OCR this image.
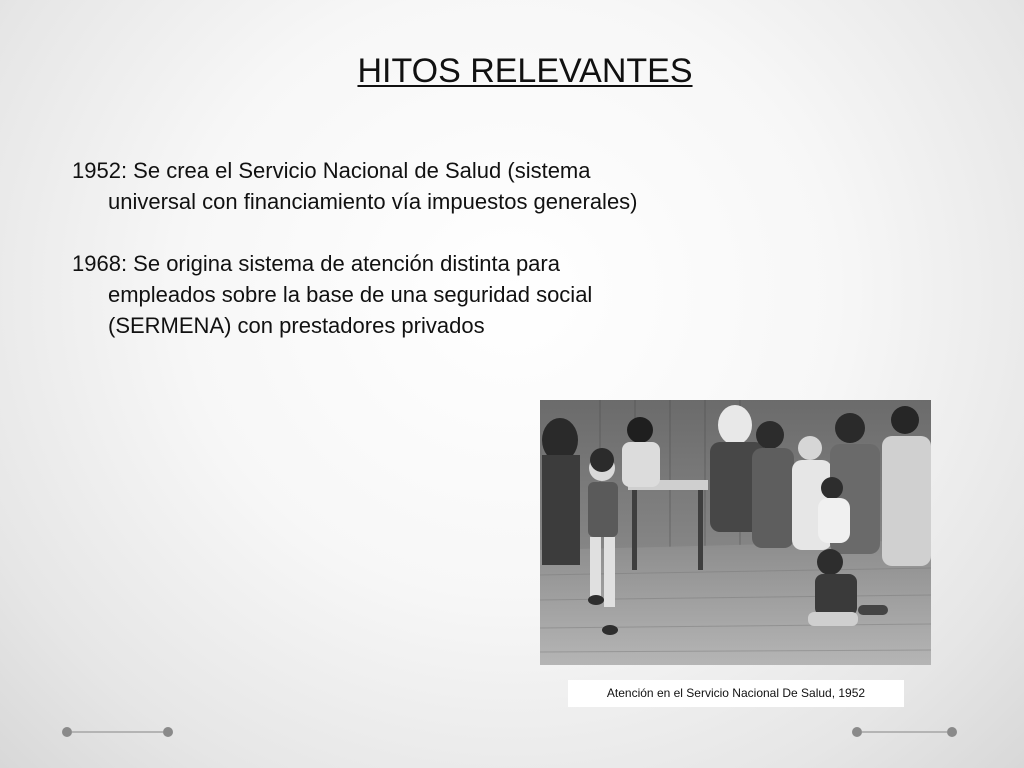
HITOS RELEVANTES
1952: Se crea el Servicio Nacional de Salud (sistema universal con financiamiento vía impuestos generales)
1968: Se origina sistema de atención distinta para empleados sobre la base de una seguridad social (SERMENA) con prestadores privados
Atención en el Servicio Nacional De Salud, 1952
